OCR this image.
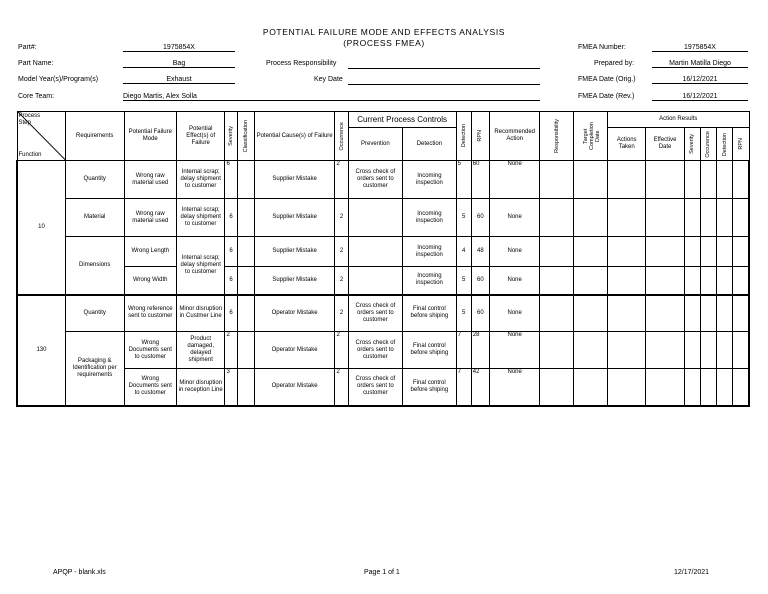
POTENTIAL FAILURE MODE AND EFFECTS ANALYSIS
(PROCESS FMEA)
Part#:	1975854X
Part Name:	Bag
Model Year(s)/Program(s)	Exhaust
Core Team:	Diego Martis, Alex Solla
Process Responsibility
Key Date
FMEA Number:	1975854X
Prepared by:	Martin Matilla Diego
FMEA Date (Orig.)	16/12/2021
FMEA Date (Rev.)	16/12/2021
Process Step
Function	Requirements	Potential Failure Mode	Potential Effect(s) of Failure	Severity	Classification	Potential Cause(s) of Failure	Occurrence	Current Process Controls		Detection	RPN	Recommended Action	Responsibility	Target Completion Date	Action Results					
								Prevention	Detection						Actions Taken	Effective Date	Severity	Occurence	Detection	RPN

10	Quantity	Wrong raw material used	Internal scrap; delay shipment to customer	6		Supplier Mistake	2	Cross check of orders sent to customer	Incoming inspection	5	60	None								
	Material	Wrong raw material used	Internal scrap; delay shipment to customer	6		Supplier Mistake	2		Incoming inspection	5	60	None								
	Dimensions	Wrong Length	Internal scrap; delay shipment to customer	6		Supplier Mistake	2		Incoming inspection	4	48	None								
		Wrong Width		6		Supplier Mistake	2		Incoming inspection	5	60	None								
130	Quantity	Wrong reference sent to customer	Minor disruption in Custmer Line	6		Operator Mistake	2	Cross check of orders sent to customer	Final control before shiping	5	60	None								
	Packaging & Identification per requirements	Wrong Documents sent to customer	Product damaged, delayed shipment	2		Operator Mistake	2	Cross check of orders sent to customer	Final control before shiping	7	28	None								
		Wrong Documents sent to customer	Minor disruption in reception Line	3		Operator Mistake	2	Cross check of orders sent to customer	Final control before shiping	7	42	None								
APQP - blank.xls	Page 1 of 1	12/17/2021
